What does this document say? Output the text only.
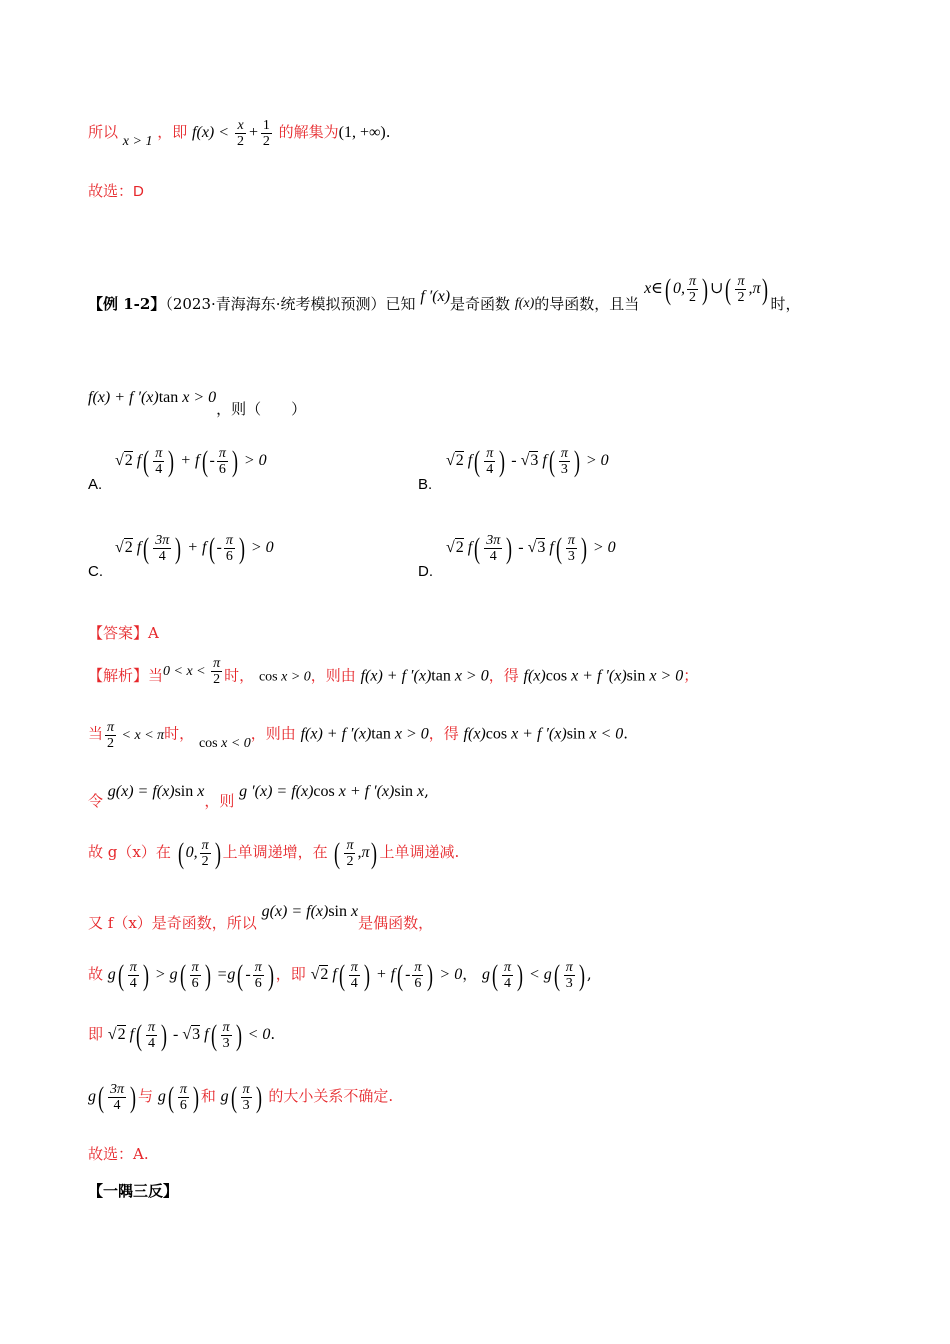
所以 x > 1 ，即 $f(x) < \frac{x}{2} + \frac{1}{2}$ 的解集为(1, +∞).
故选：D
【例 1-2】（2023·青海海东·统考模拟预测）已知 f ′(x)是奇函数 f(x)的导函数，且当 x∈( 0, $\frac{\pi}{2}$ ) ∪( $\frac{\pi}{2} ,\pi$) 时，
f(x) + f ′(x)tan x > 0，则（　　）
A.
√2 $f( \frac{\pi}{4}$ ) + $f( - \frac{\pi}{6}$ ) > 0
B.
√2 $f( \frac{\pi}{4}$ ) - √3 $f( \frac{\pi}{3}$ ) > 0
C.
√2 $f( \frac{3\pi}{4}$ ) + $f( - \frac{\pi}{6}$ ) > 0
D.
√2 $f( \frac{3\pi}{4}$ ) - √3 $f( \frac{\pi}{3}$ ) > 0
【答案】A
【解析】当$0 < x < \frac{\pi}{2}$ 时， cos x > 0，则由 f(x) + f ′(x)tan x > 0，得 f(x)cos x + f ′(x)sin x > 0；
当 $\frac{\pi}{2} < x < \pi$时， cos x < 0，则由 f(x) + f ′(x)tan x > 0，得 f(x)cos x + f ′(x)sin x < 0.
令 g(x) = f(x)sin x，则 g ′(x) = f(x)cos x + f ′(x)sin x,
故 g（x）在 ( 0, $\frac{\pi}{2}$ ) 上单调递增，在 ( $\frac{\pi}{2} ,\pi$) 上单调递减.
又 f（x）是奇函数，所以 g(x) = f(x)sin x是偶函数，
故 $g( \frac{\pi}{4}$ ) > $g( \frac{\pi}{6}$ ) $=g( - \frac{\pi}{6}$ ) ，即 √2 $f( \frac{\pi}{4}$ ) + $f( - \frac{\pi}{6}$ ) > 0， $g( \frac{\pi}{4}$ ) < $g( \frac{\pi}{3}$ ) ,
即 √2 $f( \frac{\pi}{4}$ ) - √3 $f( \frac{\pi}{3}$ ) < 0.
$g( \frac{3\pi}{4}$ ) 与 $g( \frac{\pi}{6}$ ) 和 $g( \frac{\pi}{3}$ ) 的大小关系不确定.
故选：A.
【一隅三反】
